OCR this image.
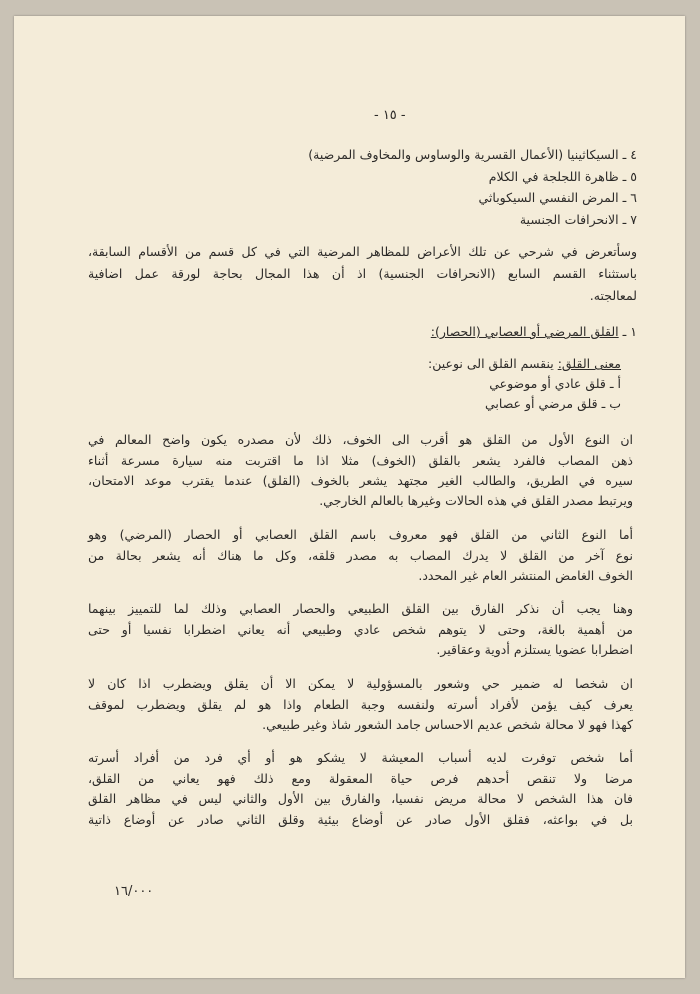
- ١٥ -
٤ ـ السيكاثينيا (الأعمال القسرية والوساوس والمخاوف المرضية)
٥ ـ ظاهرة اللجلجة في الكلام
٦ ـ المرض النفسي السيكوباثي
٧ ـ الانحرافات الجنسية
وسأتعرض في شرحي عن تلك الأعراض للمظاهر المرضية التي في كل قسم من الأقسام السابقة،
باستثناء القسم السابع (الانحرافات الجنسية) اذ أن هذا المجال بحاجة لورقة عمل اضافية
لمعالجته.
١ ـ القلق المرضي أو العصابي (الحصار):
معنى القلق: ينقسم القلق الى نوعين:
أ ـ قلق عادي أو موضوعي
ب ـ قلق مرضي أو عصابي
ان النوع الأول من القلق هو أقرب الى الخوف، ذلك لأن مصدره يكون واضح المعالم في
ذهن المصاب فالفرد يشعر بالقلق (الخوف) مثلا اذا ما اقتربت منه سيارة مسرعة أثناء
سيره في الطريق، والطالب الغير مجتهد يشعر بالخوف (القلق) عندما يقترب موعد الامتحان،
ويرتبط مصدر القلق في هذه الحالات وغيرها بالعالم الخارجي.
أما النوع الثاني من القلق فهو معروف باسم القلق العصابي أو الحصار (المرضي) وهو
نوع آخر من القلق لا يدرك المصاب به مصدر قلقه، وكل ما هناك أنه يشعر بحالة من
الخوف الغامض المنتشر العام غير المحدد.
وهنا يجب أن نذكر الفارق بين القلق الطبيعي والحصار العصابي وذلك لما للتمييز بينهما
من أهمية بالغة، وحتى لا يتوهم شخص عادي وطبيعي أنه يعاني اضطرابا نفسيا أو حتى
اضطرابا عضويا يستلزم أدوية وعقاقير.
ان شخصا له ضمير حي وشعور بالمسؤولية لا يمكن الا أن يقلق ويضطرب اذا كان لا
يعرف كيف يؤمن لأفراد أسرته ولنفسه وجبة الطعام واذا هو لم يقلق ويضطرب لموقف
كهذا فهو لا محالة شخص عديم الاحساس جامد الشعور شاذ وغير طبيعي.
أما شخص توفرت لديه أسباب المعيشة لا يشكو هو أو أي فرد من أفراد أسرته
مرضا ولا تنقص أحدهم فرص حياة المعقولة ومع ذلك فهو يعاني من القلق،
فان هذا الشخص لا محالة مريض نفسيا، والفارق بين الأول والثاني ليس في مظاهر القلق
بل في بواعثه، فقلق الأول صادر عن أوضاع بيئية وقلق الثاني صادر عن أوضاع ذاتية
١٦/٠٠٠
